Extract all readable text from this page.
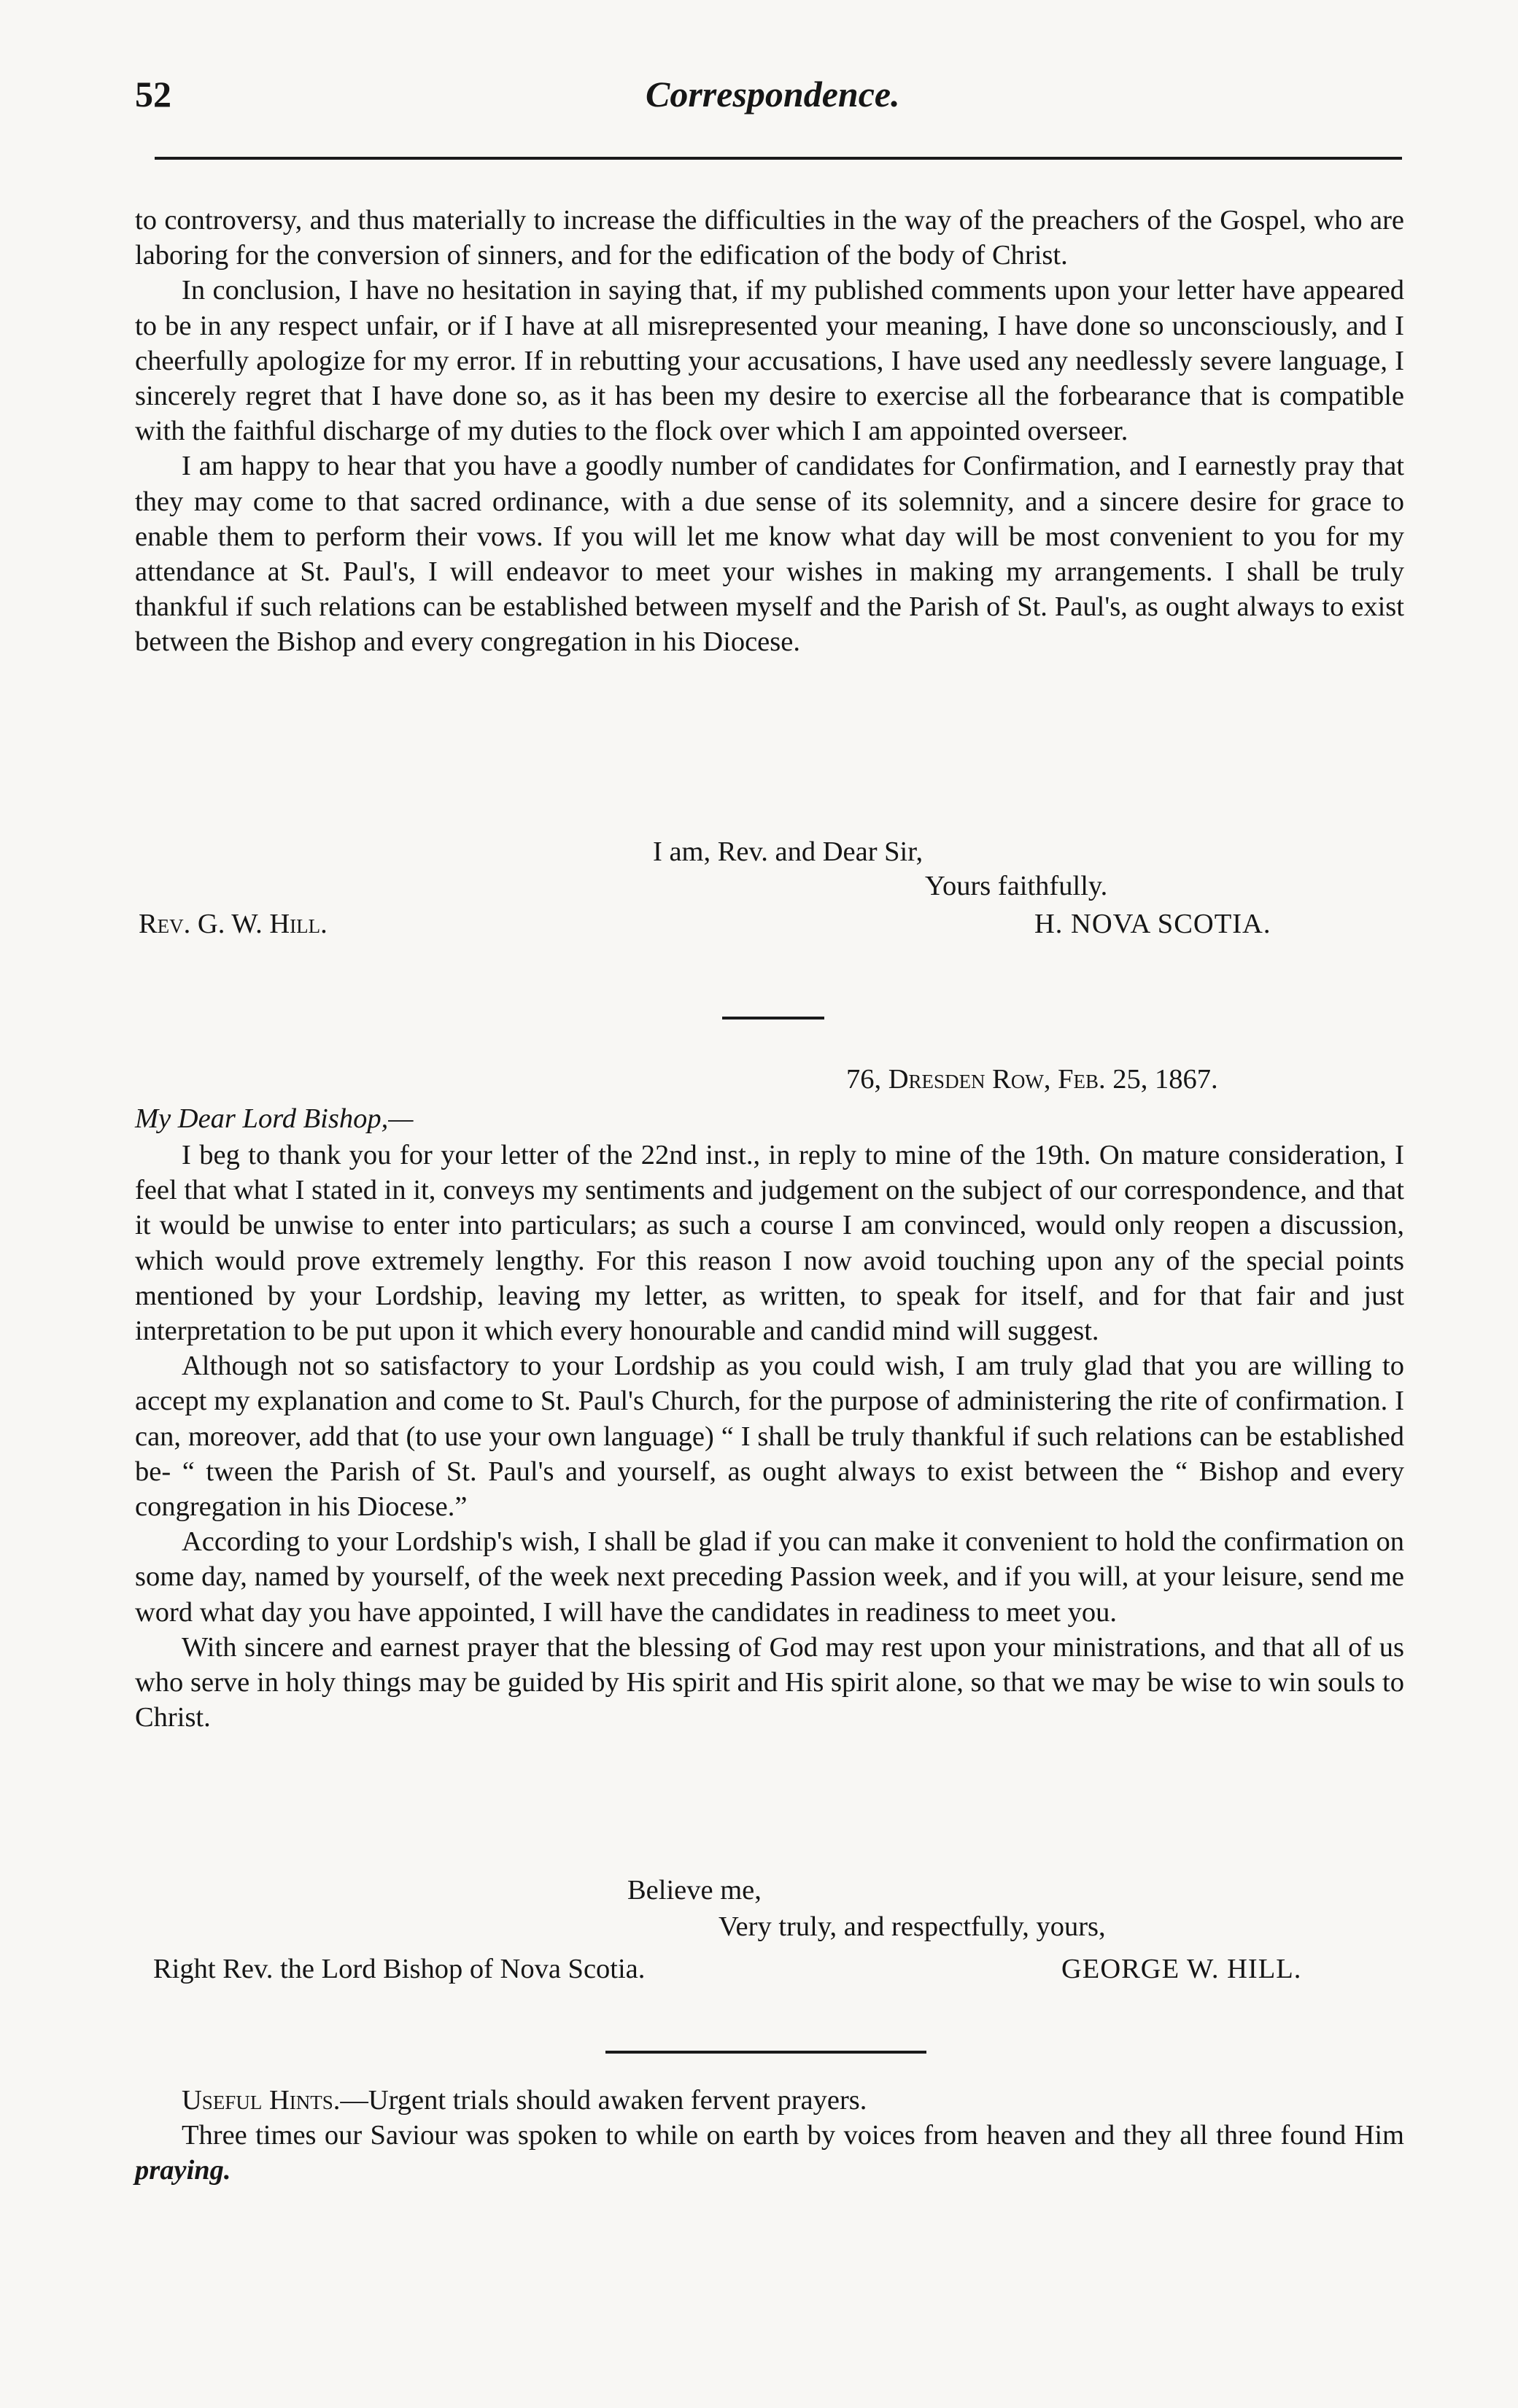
52	Correspondence.

to controversy, and thus materially to increase the difficulties in the way of the preachers of the Gospel, who are laboring for the conversion of sinners, and for the edification of the body of Christ.

In conclusion, I have no hesitation in saying that, if my published comments upon your letter have appeared to be in any respect unfair, or if I have at all misrepresented your meaning, I have done so unconsciously, and I cheerfully apologize for my error. If in rebutting your accusations, I have used any needlessly severe language, I sincerely regret that I have done so, as it has been my desire to exercise all the forbearance that is compatible with the faithful discharge of my duties to the flock over which I am appointed overseer.

I am happy to hear that you have a goodly number of candidates for Confirmation, and I earnestly pray that they may come to that sacred ordinance, with a due sense of its solemnity, and a sincere desire for grace to enable them to perform their vows. If you will let me know what day will be most convenient to you for my attendance at St. Paul's, I will endeavor to meet your wishes in making my arrangements. I shall be truly thankful if such relations can be established between myself and the Parish of St. Paul's, as ought always to exist between the Bishop and every congregation in his Diocese.

I am, Rev. and Dear Sir,
Yours faithfully.
Rev. G. W. Hill.	H. NOVA SCOTIA.
76, Dresden Row, Feb. 25, 1867.
My Dear Lord Bishop,—

I beg to thank you for your letter of the 22nd inst., in reply to mine of the 19th. On mature consideration, I feel that what I stated in it, conveys my sentiments and judgement on the subject of our correspondence, and that it would be unwise to enter into particulars; as such a course I am convinced, would only reopen a discussion, which would prove extremely lengthy. For this reason I now avoid touching upon any of the special points mentioned by your Lordship, leaving my letter, as written, to speak for itself, and for that fair and just interpretation to be put upon it which every honourable and candid mind will suggest.

Although not so satisfactory to your Lordship as you could wish, I am truly glad that you are willing to accept my explanation and come to St. Paul's Church, for the purpose of administering the rite of confirmation. I can, moreover, add that (to use your own language) “ I shall be truly thankful if such relations can be established be- “ tween the Parish of St. Paul's and yourself, as ought always to exist between the “ Bishop and every congregation in his Diocese.”

According to your Lordship's wish, I shall be glad if you can make it convenient to hold the confirmation on some day, named by yourself, of the week next preceding Passion week, and if you will, at your leisure, send me word what day you have appointed, I will have the candidates in readiness to meet you.

With sincere and earnest prayer that the blessing of God may rest upon your ministrations, and that all of us who serve in holy things may be guided by His spirit and His spirit alone, so that we may be wise to win souls to Christ.

Believe me,
Very truly, and respectfully, yours,
Right Rev. the Lord Bishop of Nova Scotia.	GEORGE W. HILL.

Useful Hints.—Urgent trials should awaken fervent prayers.

Three times our Saviour was spoken to while on earth by voices from heaven and they all three found Him praying.
